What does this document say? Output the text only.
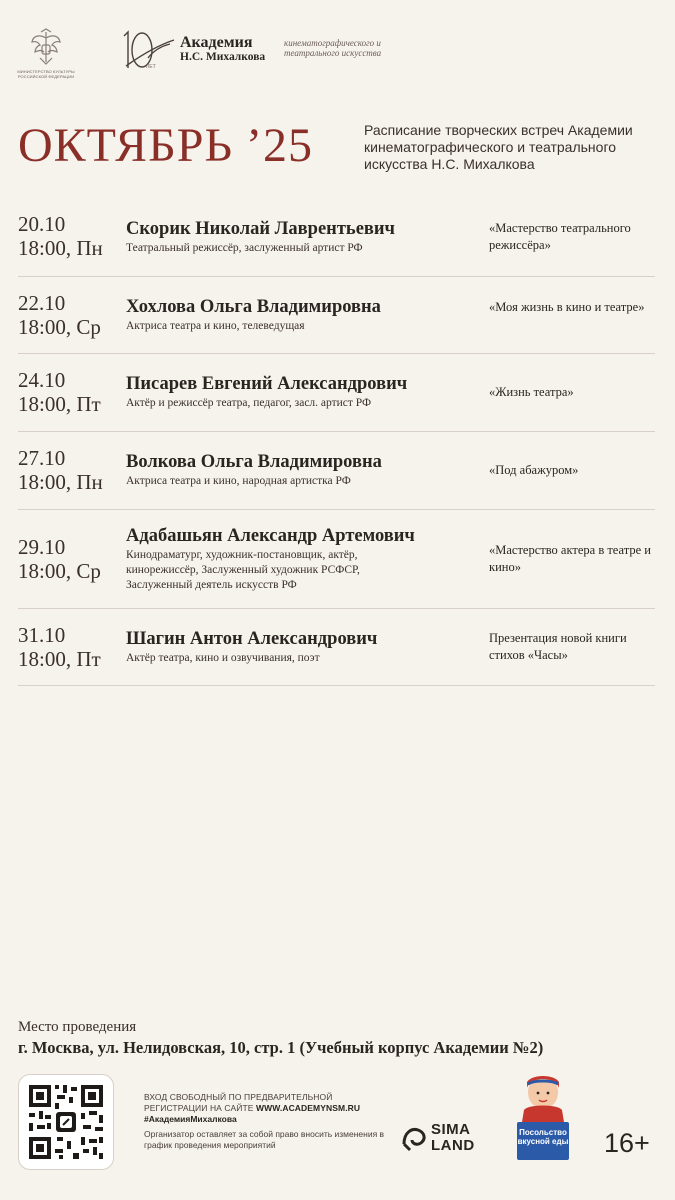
МИНИСТЕРСТВО КУЛЬТУРЫ РОССИЙСКОЙ ФЕДЕРАЦИИ
ЛЕТ
Академия
Н.С. Михалкова
кинематографического и театрального искусства
ОКТЯБРЬ ’25	Расписание творческих встреч Академии кинематографического и театрального искусства Н.С. Михалкова
20.10
18:00, Пн
Скорик Николай Лаврентьевич
Театральный режиссёр, заслуженный артист РФ
«Мастерство театрального режиссёра»
22.10
18:00, Ср
Хохлова Ольга Владимировна
Актриса театра и кино, телеведущая
«Моя жизнь в кино и театре»
24.10
18:00, Пт
Писарев Евгений Александрович
Актёр и режиссёр театра, педагог, засл. артист РФ
«Жизнь театра»
27.10
18:00, Пн
Волкова Ольга Владимировна
Актриса театра и кино, народная артистка РФ
«Под абажуром»
29.10
18:00, Ср
Адабашьян Александр Артемович
Кинодраматург, художник-постановщик, актёр, кинорежиссёр, Заслуженный художник РСФСР, Заслуженный деятель искусств РФ
«Мастерство актера в театре и кино»
31.10
18:00, Пт
Шагин Антон Александрович
Актёр театра, кино и озвучивания, поэт
Презентация новой книги стихов «Часы»
Место проведения
г. Москва, ул. Нелидовская, 10, стр. 1 (Учебный корпус Академии №2)
ВХОД СВОБОДНЫЙ ПО ПРЕДВАРИТЕЛЬНОЙ РЕГИСТРАЦИИ НА САЙТЕ WWW.ACADEMYNSM.RU
#АкадемияМихалкова
Организатор оставляет за собой право вносить изменения в график проведения мероприятий
SIMA LAND
Посольство вкусной еды 16+
